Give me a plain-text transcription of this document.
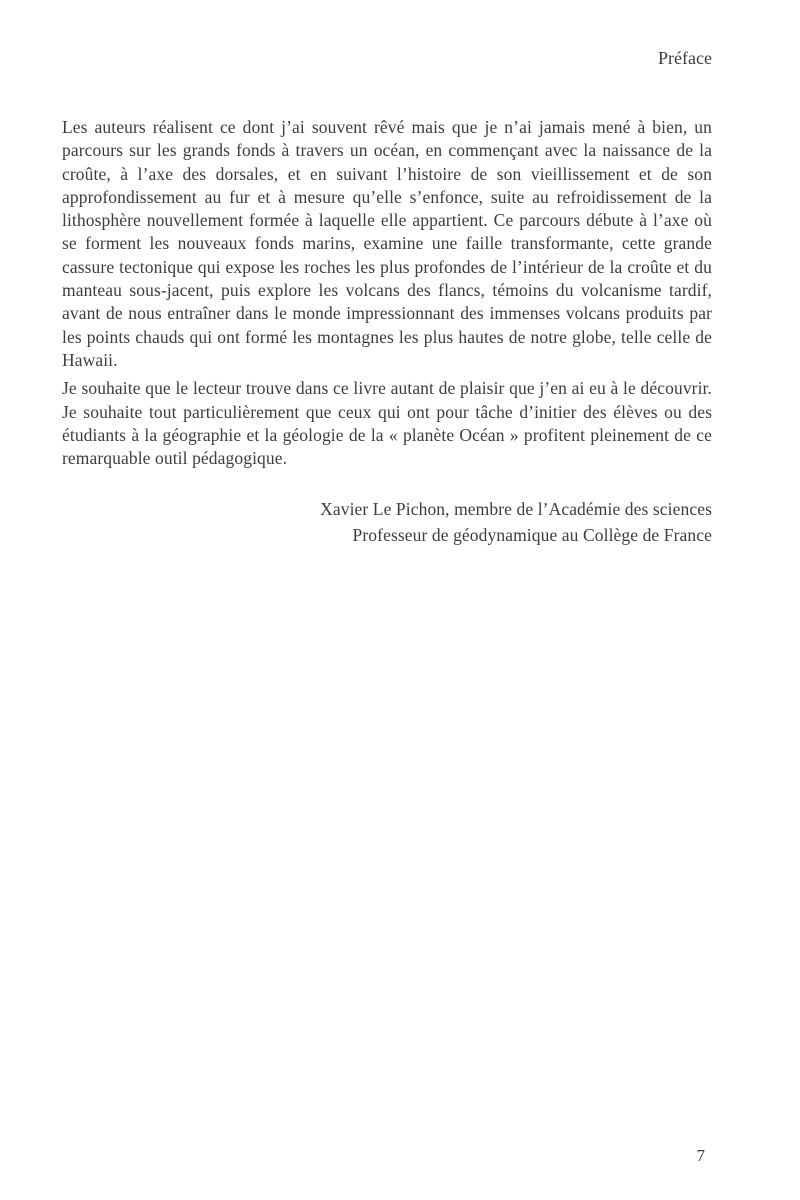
Préface

Les auteurs réalisent ce dont j’ai souvent rêvé mais que je n’ai jamais mené à bien, un parcours sur les grands fonds à travers un océan, en commençant avec la naissance de la croûte, à l’axe des dorsales, et en suivant l’histoire de son vieillissement et de son approfondissement au fur et à mesure qu’elle s’enfonce, suite au refroidissement de la lithosphère nouvellement formée à laquelle elle appartient. Ce parcours débute à l’axe où se forment les nouveaux fonds marins, examine une faille transformante, cette grande cassure tectonique qui expose les roches les plus profondes de l’intérieur de la croûte et du manteau sous-jacent, puis explore les volcans des flancs, témoins du volcanisme tardif, avant de nous entraîner dans le monde impressionnant des immenses volcans produits par les points chauds qui ont formé les montagnes les plus hautes de notre globe, telle celle de Hawaii.

Je souhaite que le lecteur trouve dans ce livre autant de plaisir que j’en ai eu à le découvrir. Je souhaite tout particulièrement que ceux qui ont pour tâche d’initier des élèves ou des étudiants à la géographie et la géologie de la « planète Océan » profitent pleinement de ce remarquable outil pédagogique.

Xavier Le Pichon, membre de l’Académie des sciences
Professeur de géodynamique au Collège de France
7
